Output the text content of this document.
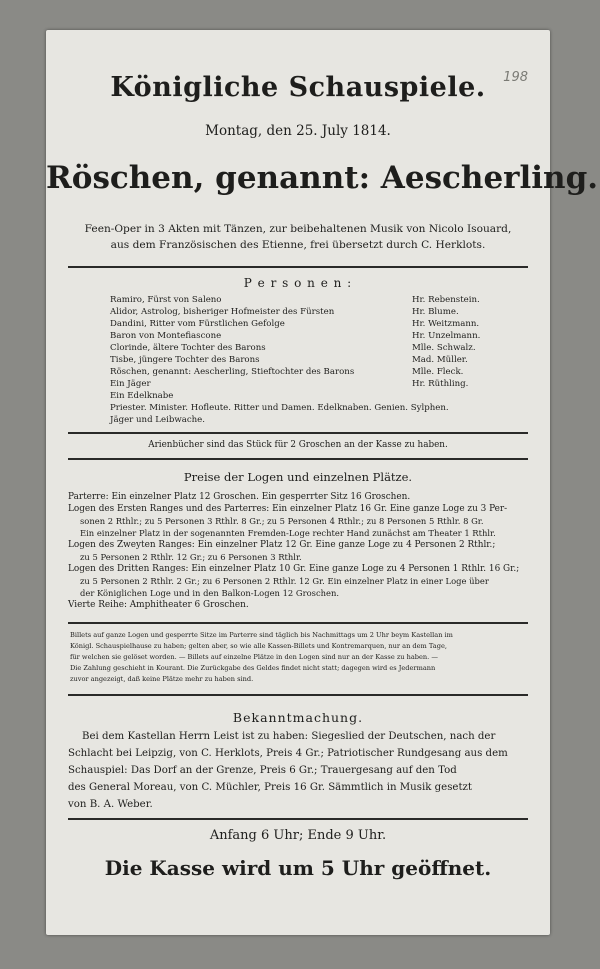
198
Königliche Schauspiele.
Montag, den 25. July 1814.
Röschen, genannt: Aescherling.
Feen-Oper in 3 Akten mit Tänzen, zur beibehaltenen Musik von Nicolo Isouard,
aus dem Französischen des Etienne, frei übersetzt durch C. Herklots.
P e r s o n e n :
Ramiro, Fürst von Saleno	Hr. Rebenstein.
Alidor, Astrolog, bisheriger Hofmeister des Fürsten	Hr. Blume.
Dandini, Ritter vom Fürstlichen Gefolge	Hr. Weitzmann.
Baron von Montefiascone	Hr. Unzelmann.
Clorinde, ältere Tochter des Barons	Mlle. Schwalz.
Tisbe, jüngere Tochter des Barons	Mad. Müller.
Röschen, genannt: Aescherling, Stieftochter des Barons	Mlle. Fleck.
Ein Jäger	Hr. Rüthling.
Ein Edelknabe
Priester. Minister. Hofleute. Ritter und Damen. Edelknaben. Genien. Sylphen.
Jäger und Leibwache.
Arienbücher sind das Stück für 2 Groschen an der Kasse zu haben.
Preise der Logen und einzelnen Plätze.
Parterre: Ein einzelner Platz 12 Groschen. Ein gesperrter Sitz 16 Groschen.
Logen des Ersten Ranges und des Parterres: Ein einzelner Platz 16 Gr. Eine ganze Loge zu 3 Per-
sonen 2 Rthlr.; zu 5 Personen 3 Rthlr. 8 Gr.; zu 5 Personen 4 Rthlr.; zu 8 Personen 5 Rthlr. 8 Gr.
Ein einzelner Platz in der sogenannten Fremden-Loge rechter Hand zunächst am Theater 1 Rthlr.
Logen des Zweyten Ranges: Ein einzelner Platz 12 Gr. Eine ganze Loge zu 4 Personen 2 Rthlr.;
zu 5 Personen 2 Rthlr. 12 Gr.; zu 6 Personen 3 Rthlr.
Logen des Dritten Ranges: Ein einzelner Platz 10 Gr. Eine ganze Loge zu 4 Personen 1 Rthlr. 16 Gr.;
zu 5 Personen 2 Rthlr. 2 Gr.; zu 6 Personen 2 Rthlr. 12 Gr. Ein einzelner Platz in einer Loge über
der Königlichen Loge und in den Balkon-Logen 12 Groschen.
Vierte Reihe: Amphitheater 6 Groschen.
Billets auf ganze Logen und gesperrte Sitze im Parterre sind täglich bis Nachmittags um 2 Uhr beym Kastellan im
Königl. Schauspielhause zu haben; gelten aber, so wie alle Kassen-Billets und Kontremarquen, nur an dem Tage,
für welchen sie gelöset worden. — Billets auf einzelne Plätze in den Logen sind nur an der Kasse zu haben. —
Die Zahlung geschieht in Kourant. Die Zurückgabe des Geldes findet nicht statt; dagegen wird es Jedermann
zuvor angezeigt, daß keine Plätze mehr zu haben sind.
Bekanntmachung.
Bei dem Kastellan Herrn Leist ist zu haben: Siegeslied der Deutschen, nach der
Schlacht bei Leipzig, von C. Herklots, Preis 4 Gr.; Patriotischer Rundgesang aus dem
Schauspiel: Das Dorf an der Grenze, Preis 6 Gr.; Trauergesang auf den Tod
des General Moreau, von C. Müchler, Preis 16 Gr. Sämmtlich in Musik gesetzt
von B. A. Weber.
Anfang 6 Uhr; Ende 9 Uhr.
Die Kasse wird um 5 Uhr geöffnet.
